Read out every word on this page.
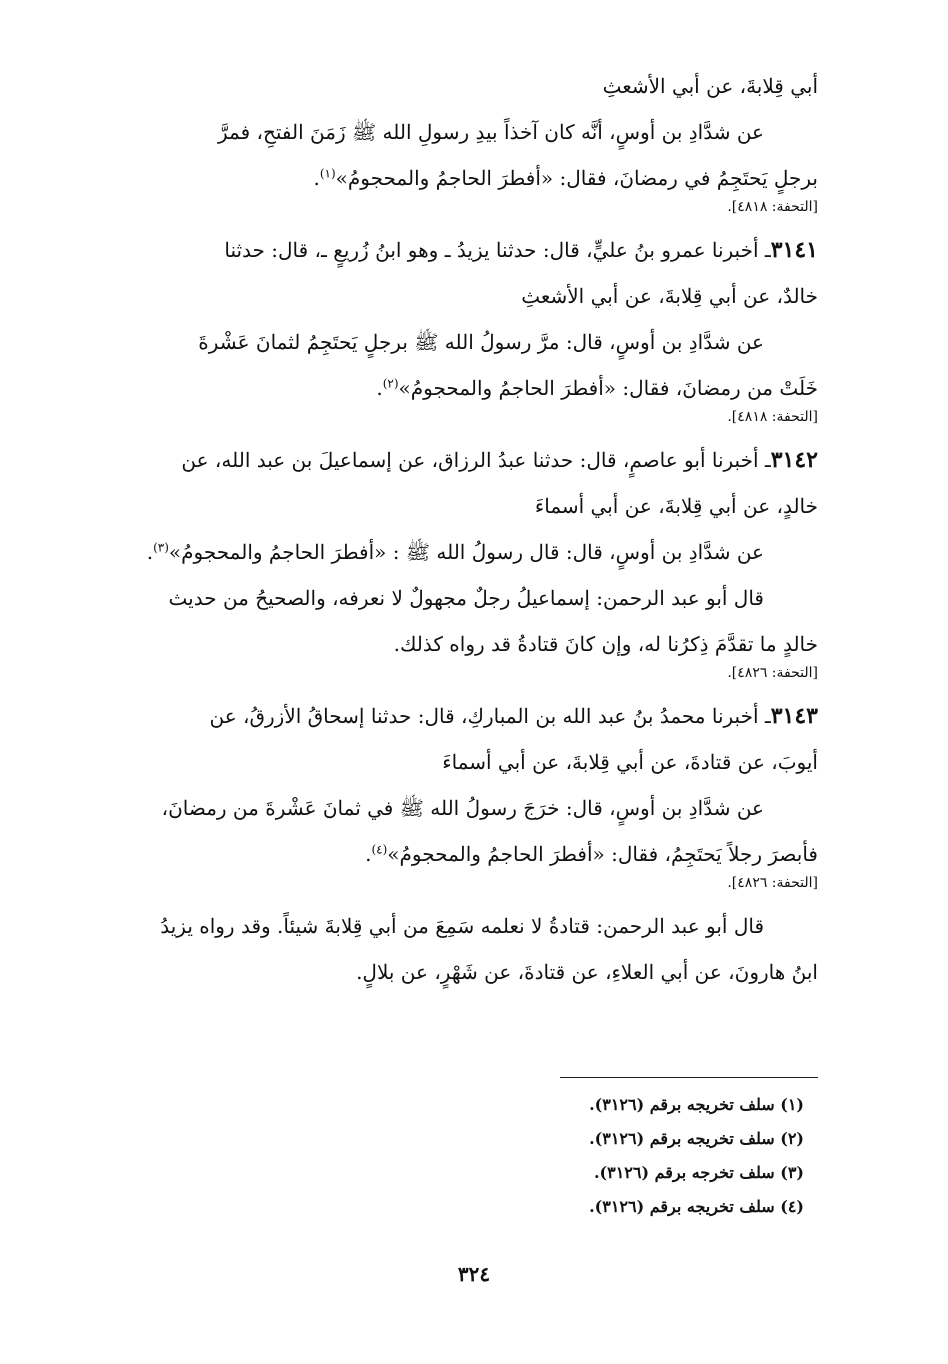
أبي قِلابةَ، عن أبي الأشعثِ
عن شدَّادِ بن أوسٍ، أنَّه كان آخذاً بيدِ رسولِ الله ﷺ زَمَنَ الفتحِ، فمرَّ
برجلٍ يَحتَجِمُ في رمضانَ، فقال: «أفطرَ الحاجمُ والمحجومُ»$^{(١)}$.
[التحفة: ٤٨١٨].
٣١٤١ـ أخبرنا عمرو بنُ عليٍّ، قال: حدثنا يزيدُ ـ وهو ابنُ زُريعٍ ـ، قال: حدثنا
خالدٌ، عن أبي قِلابةَ، عن أبي الأشعثِ
عن شدَّادِ بن أوسٍ، قال: مرَّ رسولُ الله ﷺ برجلٍ يَحتَجِمُ لثمانَ عَشْرةَ
خَلَتْ من رمضانَ، فقال: «أفطرَ الحاجمُ والمحجومُ»$^{(٢)}$.
[التحفة: ٤٨١٨].
٣١٤٢ـ أخبرنا أبو عاصمٍ، قال: حدثنا عبدُ الرزاق، عن إسماعيلَ بن عبد الله، عن
خالدٍ، عن أبي قِلابةَ، عن أبي أسماءَ
عن شدَّادِ بن أوسٍ، قال: قال رسولُ الله ﷺ : «أفطرَ الحاجمُ والمحجومُ»$^{(٣)}$.
قال أبو عبد الرحمن: إسماعيلُ رجلٌ مجهولٌ لا نعرفه، والصحيحُ من حديث
خالدٍ ما تقدَّمَ ذِكرُنا له، وإن كانَ قتادةُ قد رواه كذلك.
[التحفة: ٤٨٢٦].
٣١٤٣ـ أخبرنا محمدُ بنُ عبد الله بن المباركِ، قال: حدثنا إسحاقُ الأزرقُ، عن
أيوبَ، عن قتادةَ، عن أبي قِلابةَ، عن أبي أسماءَ
عن شدَّادِ بن أوسٍ، قال: خرَجَ رسولُ الله ﷺ في ثمانَ عَشْرةَ من رمضانَ،
فأبصرَ رجلاً يَحتَجِمُ، فقال: «أفطرَ الحاجمُ والمحجومُ»$^{(٤)}$.
[التحفة: ٤٨٢٦].
قال أبو عبد الرحمن: قتادةُ لا نعلمه سَمِعَ من أبي قِلابةَ شيئاً. وقد رواه يزيدُ
ابنُ هارونَ، عن أبي العلاءِ، عن قتادةَ، عن شَهْرٍ، عن بلالٍ.
(١) سلف تخريجه برقم (٣١٢٦).
(٢) سلف تخريجه برقم (٣١٢٦).
(٣) سلف تخرجه برقم (٣١٢٦).
(٤) سلف تخريجه برقم (٣١٢٦).
٣٢٤
